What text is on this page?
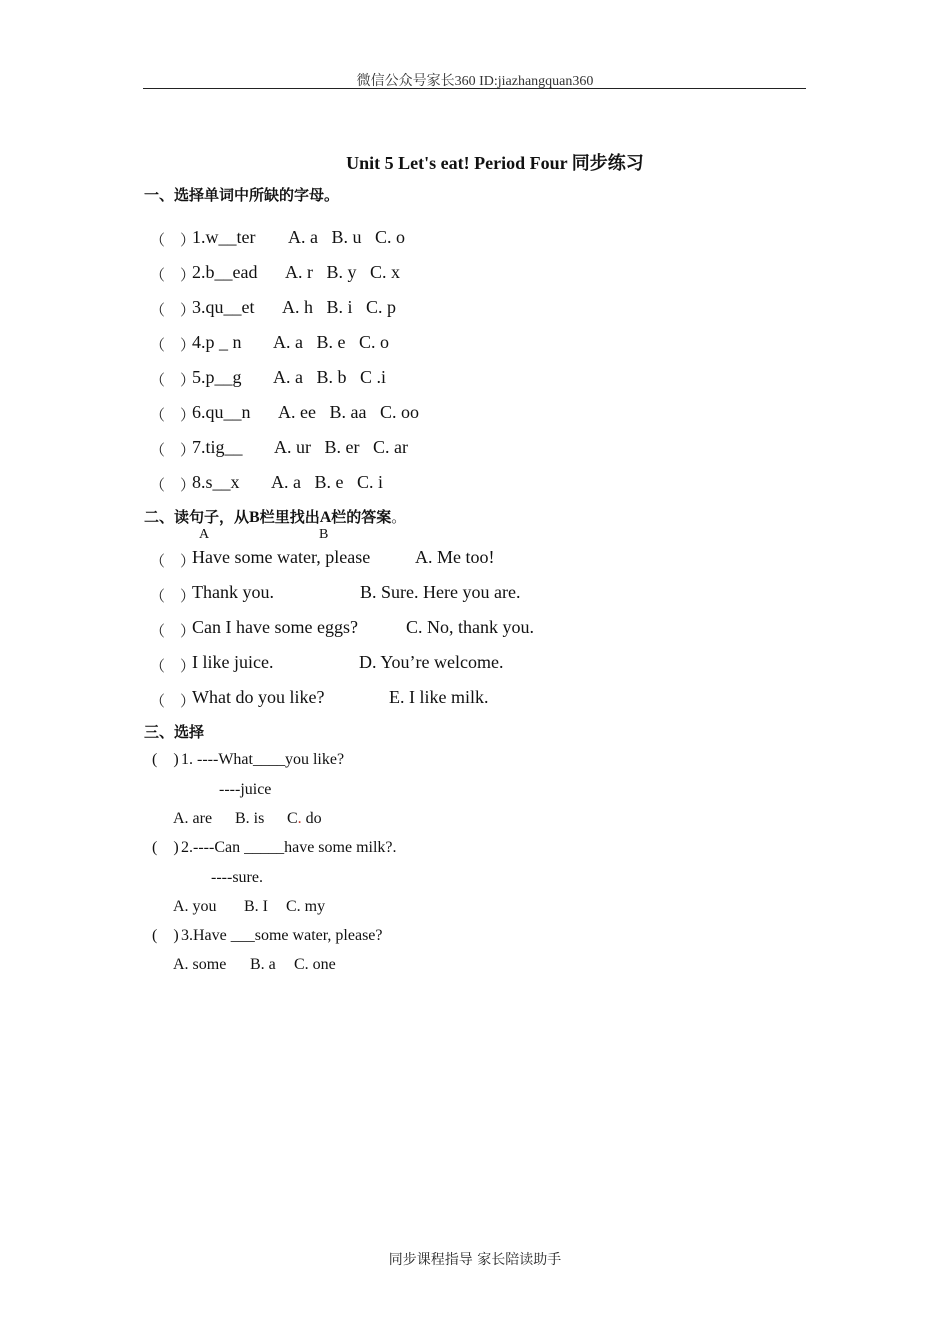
微信公众号家长360 ID:jiazhangquan360
Unit 5 Let's eat! Period Four 同步练习
一、选择单词中所缺的字母。
（　）
1.w__ter A. a   B. u   C. o
（　）
2.b__ead A. r   B. y   C. x
（　）
3.qu__et A. h   B. i   C. p
（　）
4.p _ n A. a   B. e   C. o
（　）
5.p__g A. a   B. b   C .i
（　）
6.qu__n A. ee   B. aa   C. oo
（　）
7.tig__ A. ur   B. er   C. ar
（　）
8.s__x A. a   B. e   C. i
二、读句子，从B栏里找出A栏的答案。
A	B
（　）
Have some water, please A. Me too!
（　）
Thank you.	B. Sure. Here you are.
（　）
Can I have some eggs?	C. No, thank you.
（　）
I like juice.	D. You’re welcome.
（　）
What do you like?	E. I like milk.
三、选择
(    ) 1. ----What____you like?
----juice
A. are B. is C. do
(    ) 2.----Can _____have some milk?.
----sure.
A. you B. I C. my
(    ) 3.Have ___some water, please?
A. some B. a C. one
同步课程指导 家长陪读助手
